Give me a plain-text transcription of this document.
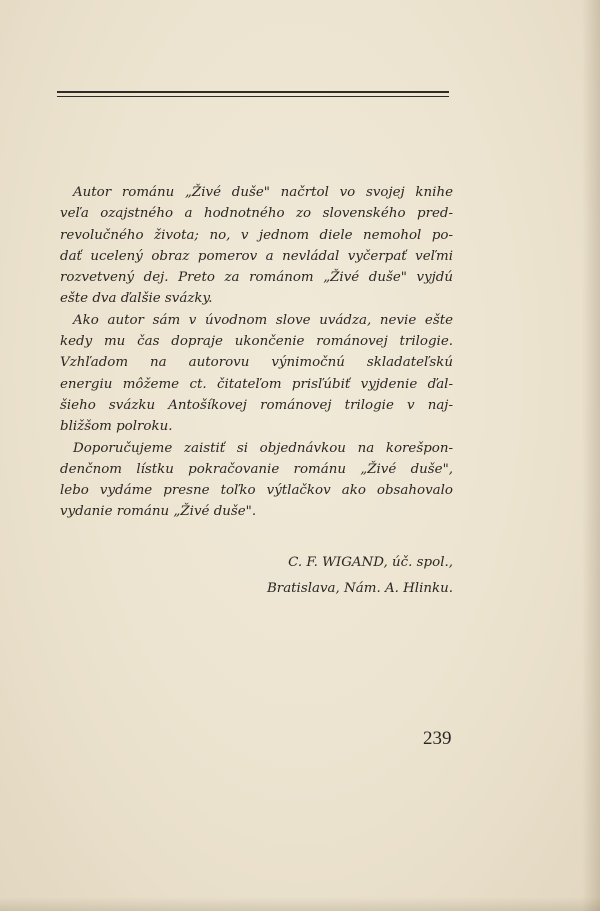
Autor románu „Živé duše" načrtol vo svojej knihe
veľa ozajstného a hodnotného zo slovenského pred-
revolučného života; no, v jednom diele nemohol po-
dať ucelený obraz pomerov a nevládal vyčerpať veľmi
rozvetvený dej. Preto za románom „Živé duše" vyjdú
ešte dva ďalšie svázky.

Ako autor sám v úvodnom slove uvádza, nevie ešte
kedy mu čas dopraje ukončenie románovej trilogie.
Vzhľadom na autorovu výnimočnú skladateľskú
energiu môžeme ct. čitateľom prisľúbiť vyjdenie ďal-
šieho svázku Antošíkovej románovej trilogie v naj-
bližšom polroku.

Doporučujeme zaistiť si objednávkou na korešpon-
denčnom lístku pokračovanie románu „Živé duše",
lebo vydáme presne toľko výtlačkov ako obsahovalo
vydanie románu „Živé duše".

C. F. WIGAND, úč. spol.,
Bratislava, Nám. A. Hlinku.
239
